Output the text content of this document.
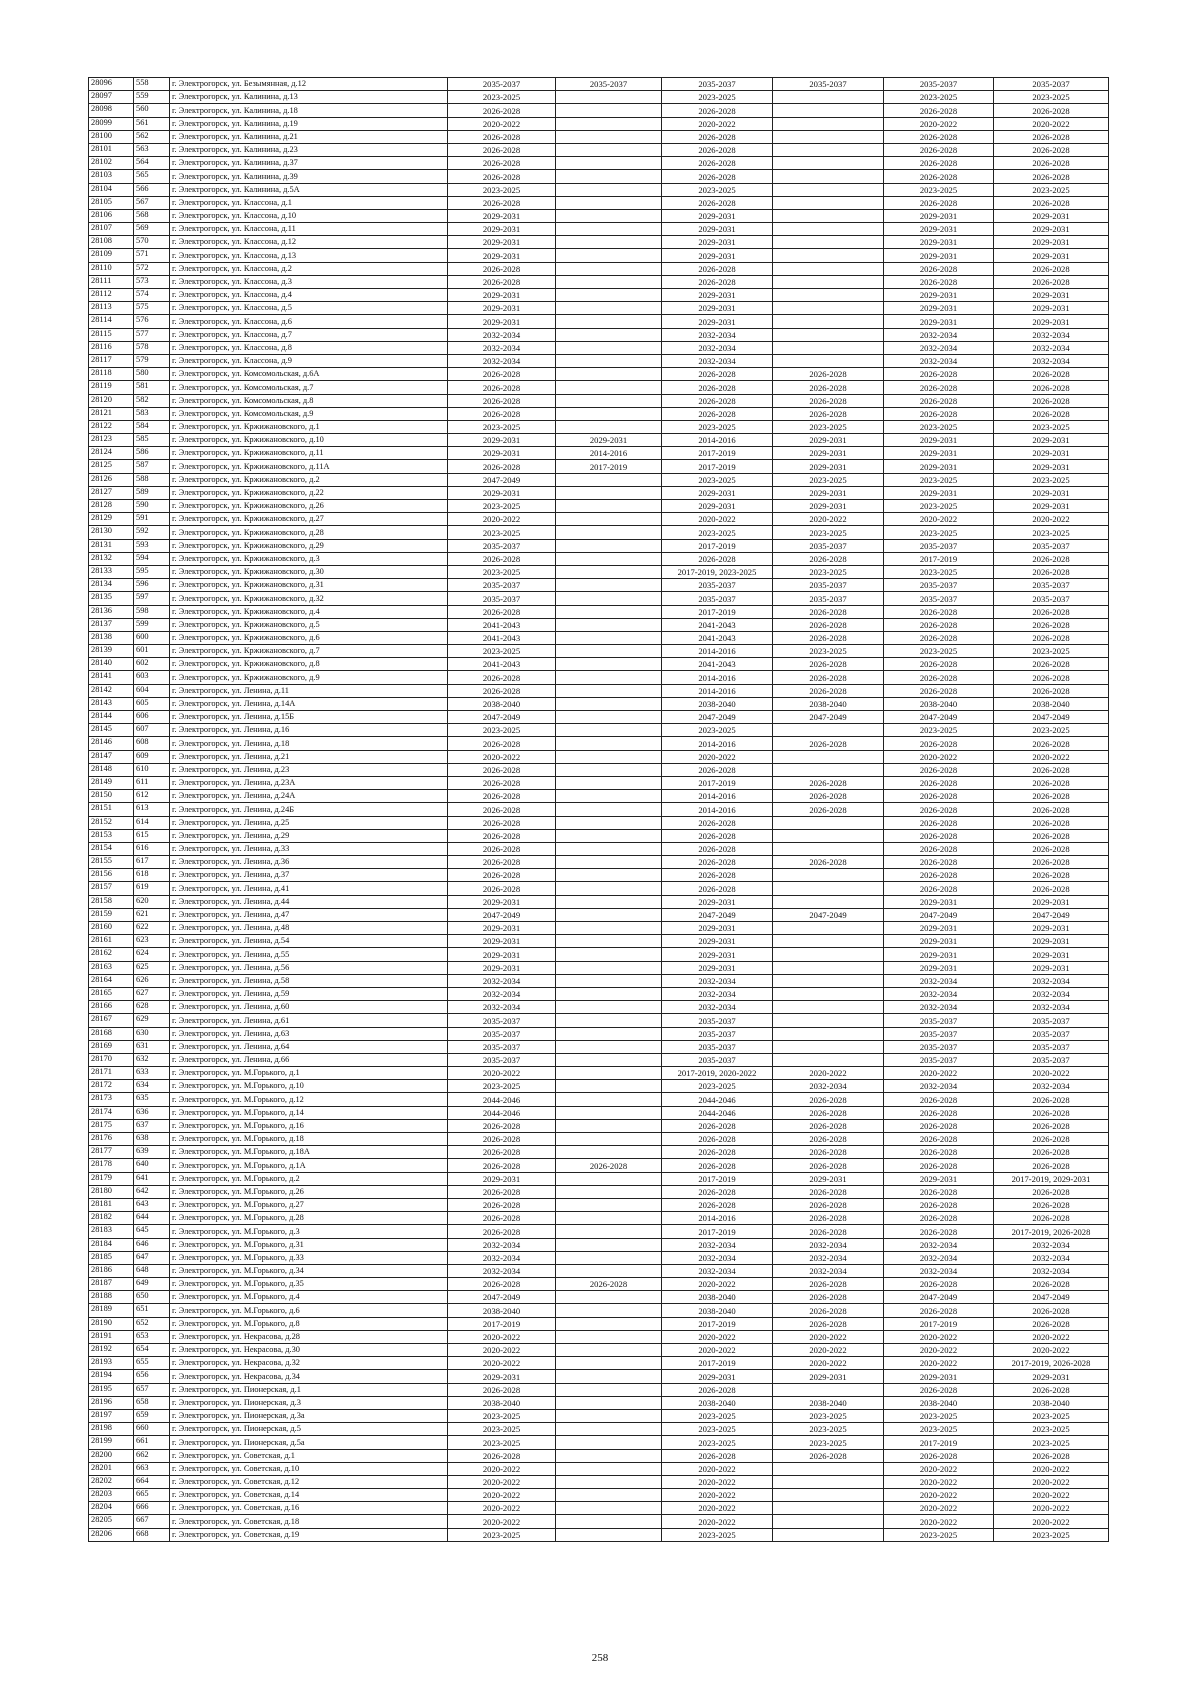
28096	558	г. Электрогорск, ул. Безымянная, д.12	2035-2037	2035-2037	2035-2037	2035-2037	2035-2037	2035-2037
28097	559	г. Электрогорск, ул. Калинина, д.13	2023-2025		2023-2025		2023-2025	2023-2025
28098	560	г. Электрогорск, ул. Калинина, д.18	2026-2028		2026-2028		2026-2028	2026-2028
28099	561	г. Электрогорск, ул. Калинина, д.19	2020-2022		2020-2022		2020-2022	2020-2022
28100	562	г. Электрогорск, ул. Калинина, д.21	2026-2028		2026-2028		2026-2028	2026-2028
28101	563	г. Электрогорск, ул. Калинина, д.23	2026-2028		2026-2028		2026-2028	2026-2028
28102	564	г. Электрогорск, ул. Калинина, д.37	2026-2028		2026-2028		2026-2028	2026-2028
28103	565	г. Электрогорск, ул. Калинина, д.39	2026-2028		2026-2028		2026-2028	2026-2028
28104	566	г. Электрогорск, ул. Калинина, д.5А	2023-2025		2023-2025		2023-2025	2023-2025
28105	567	г. Электрогорск, ул. Классона, д.1	2026-2028		2026-2028		2026-2028	2026-2028
28106	568	г. Электрогорск, ул. Классона, д.10	2029-2031		2029-2031		2029-2031	2029-2031
28107	569	г. Электрогорск, ул. Классона, д.11	2029-2031		2029-2031		2029-2031	2029-2031
28108	570	г. Электрогорск, ул. Классона, д.12	2029-2031		2029-2031		2029-2031	2029-2031
28109	571	г. Электрогорск, ул. Классона, д.13	2029-2031		2029-2031		2029-2031	2029-2031
28110	572	г. Электрогорск, ул. Классона, д.2	2026-2028		2026-2028		2026-2028	2026-2028
28111	573	г. Электрогорск, ул. Классона, д.3	2026-2028		2026-2028		2026-2028	2026-2028
28112	574	г. Электрогорск, ул. Классона, д.4	2029-2031		2029-2031		2029-2031	2029-2031
28113	575	г. Электрогорск, ул. Классона, д.5	2029-2031		2029-2031		2029-2031	2029-2031
28114	576	г. Электрогорск, ул. Классона, д.6	2029-2031		2029-2031		2029-2031	2029-2031
28115	577	г. Электрогорск, ул. Классона, д.7	2032-2034		2032-2034		2032-2034	2032-2034
28116	578	г. Электрогорск, ул. Классона, д.8	2032-2034		2032-2034		2032-2034	2032-2034
28117	579	г. Электрогорск, ул. Классона, д.9	2032-2034		2032-2034		2032-2034	2032-2034
28118	580	г. Электрогорск, ул. Комсомольская, д.6А	2026-2028		2026-2028	2026-2028	2026-2028	2026-2028
28119	581	г. Электрогорск, ул. Комсомольская, д.7	2026-2028		2026-2028	2026-2028	2026-2028	2026-2028
28120	582	г. Электрогорск, ул. Комсомольская, д.8	2026-2028		2026-2028	2026-2028	2026-2028	2026-2028
28121	583	г. Электрогорск, ул. Комсомольская, д.9	2026-2028		2026-2028	2026-2028	2026-2028	2026-2028
28122	584	г. Электрогорск, ул. Кржижановского, д.1	2023-2025		2023-2025	2023-2025	2023-2025	2023-2025
28123	585	г. Электрогорск, ул. Кржижановского, д.10	2029-2031	2029-2031	2014-2016	2029-2031	2029-2031	2029-2031
28124	586	г. Электрогорск, ул. Кржижановского, д.11	2029-2031	2014-2016	2017-2019	2029-2031	2029-2031	2029-2031
28125	587	г. Электрогорск, ул. Кржижановского, д.11А	2026-2028	2017-2019	2017-2019	2029-2031	2029-2031	2029-2031
28126	588	г. Электрогорск, ул. Кржижановского, д.2	2047-2049		2023-2025	2023-2025	2023-2025	2023-2025
28127	589	г. Электрогорск, ул. Кржижановского, д.22	2029-2031		2029-2031	2029-2031	2029-2031	2029-2031
28128	590	г. Электрогорск, ул. Кржижановского, д.26	2023-2025		2029-2031	2029-2031	2023-2025	2029-2031
28129	591	г. Электрогорск, ул. Кржижановского, д.27	2020-2022		2020-2022	2020-2022	2020-2022	2020-2022
28130	592	г. Электрогорск, ул. Кржижановского, д.28	2023-2025		2023-2025	2023-2025	2023-2025	2023-2025
28131	593	г. Электрогорск, ул. Кржижановского, д.29	2035-2037		2017-2019	2035-2037	2035-2037	2035-2037
28132	594	г. Электрогорск, ул. Кржижановского, д.3	2026-2028		2026-2028	2026-2028	2017-2019	2026-2028
28133	595	г. Электрогорск, ул. Кржижановского, д.30	2023-2025		2017-2019, 2023-2025	2023-2025	2023-2025	2026-2028
28134	596	г. Электрогорск, ул. Кржижановского, д.31	2035-2037		2035-2037	2035-2037	2035-2037	2035-2037
28135	597	г. Электрогорск, ул. Кржижановского, д.32	2035-2037		2035-2037	2035-2037	2035-2037	2035-2037
28136	598	г. Электрогорск, ул. Кржижановского, д.4	2026-2028		2017-2019	2026-2028	2026-2028	2026-2028
28137	599	г. Электрогорск, ул. Кржижановского, д.5	2041-2043		2041-2043	2026-2028	2026-2028	2026-2028
28138	600	г. Электрогорск, ул. Кржижановского, д.6	2041-2043		2041-2043	2026-2028	2026-2028	2026-2028
28139	601	г. Электрогорск, ул. Кржижановского, д.7	2023-2025		2014-2016	2023-2025	2023-2025	2023-2025
28140	602	г. Электрогорск, ул. Кржижановского, д.8	2041-2043		2041-2043	2026-2028	2026-2028	2026-2028
28141	603	г. Электрогорск, ул. Кржижановского, д.9	2026-2028		2014-2016	2026-2028	2026-2028	2026-2028
28142	604	г. Электрогорск, ул. Ленина, д.11	2026-2028		2014-2016	2026-2028	2026-2028	2026-2028
28143	605	г. Электрогорск, ул. Ленина, д.14А	2038-2040		2038-2040	2038-2040	2038-2040	2038-2040
28144	606	г. Электрогорск, ул. Ленина, д.15Б	2047-2049		2047-2049	2047-2049	2047-2049	2047-2049
28145	607	г. Электрогорск, ул. Ленина, д.16	2023-2025		2023-2025		2023-2025	2023-2025
28146	608	г. Электрогорск, ул. Ленина, д.18	2026-2028		2014-2016	2026-2028	2026-2028	2026-2028
28147	609	г. Электрогорск, ул. Ленина, д.21	2020-2022		2020-2022		2020-2022	2020-2022
28148	610	г. Электрогорск, ул. Ленина, д.23	2026-2028		2026-2028		2026-2028	2026-2028
28149	611	г. Электрогорск, ул. Ленина, д.23А	2026-2028		2017-2019	2026-2028	2026-2028	2026-2028
28150	612	г. Электрогорск, ул. Ленина, д.24А	2026-2028		2014-2016	2026-2028	2026-2028	2026-2028
28151	613	г. Электрогорск, ул. Ленина, д.24Б	2026-2028		2014-2016	2026-2028	2026-2028	2026-2028
28152	614	г. Электрогорск, ул. Ленина, д.25	2026-2028		2026-2028		2026-2028	2026-2028
28153	615	г. Электрогорск, ул. Ленина, д.29	2026-2028		2026-2028		2026-2028	2026-2028
28154	616	г. Электрогорск, ул. Ленина, д.33	2026-2028		2026-2028		2026-2028	2026-2028
28155	617	г. Электрогорск, ул. Ленина, д.36	2026-2028		2026-2028	2026-2028	2026-2028	2026-2028
28156	618	г. Электрогорск, ул. Ленина, д.37	2026-2028		2026-2028		2026-2028	2026-2028
28157	619	г. Электрогорск, ул. Ленина, д.41	2026-2028		2026-2028		2026-2028	2026-2028
28158	620	г. Электрогорск, ул. Ленина, д.44	2029-2031		2029-2031		2029-2031	2029-2031
28159	621	г. Электрогорск, ул. Ленина, д.47	2047-2049		2047-2049	2047-2049	2047-2049	2047-2049
28160	622	г. Электрогорск, ул. Ленина, д.48	2029-2031		2029-2031		2029-2031	2029-2031
28161	623	г. Электрогорск, ул. Ленина, д.54	2029-2031		2029-2031		2029-2031	2029-2031
28162	624	г. Электрогорск, ул. Ленина, д.55	2029-2031		2029-2031		2029-2031	2029-2031
28163	625	г. Электрогорск, ул. Ленина, д.56	2029-2031		2029-2031		2029-2031	2029-2031
28164	626	г. Электрогорск, ул. Ленина, д.58	2032-2034		2032-2034		2032-2034	2032-2034
28165	627	г. Электрогорск, ул. Ленина, д.59	2032-2034		2032-2034		2032-2034	2032-2034
28166	628	г. Электрогорск, ул. Ленина, д.60	2032-2034		2032-2034		2032-2034	2032-2034
28167	629	г. Электрогорск, ул. Ленина, д.61	2035-2037		2035-2037		2035-2037	2035-2037
28168	630	г. Электрогорск, ул. Ленина, д.63	2035-2037		2035-2037		2035-2037	2035-2037
28169	631	г. Электрогорск, ул. Ленина, д.64	2035-2037		2035-2037		2035-2037	2035-2037
28170	632	г. Электрогорск, ул. Ленина, д.66	2035-2037		2035-2037		2035-2037	2035-2037
28171	633	г. Электрогорск, ул. М.Горького, д.1	2020-2022		2017-2019, 2020-2022	2020-2022	2020-2022	2020-2022
28172	634	г. Электрогорск, ул. М.Горького, д.10	2023-2025		2023-2025	2032-2034	2032-2034	2032-2034
28173	635	г. Электрогорск, ул. М.Горького, д.12	2044-2046		2044-2046	2026-2028	2026-2028	2026-2028
28174	636	г. Электрогорск, ул. М.Горького, д.14	2044-2046		2044-2046	2026-2028	2026-2028	2026-2028
28175	637	г. Электрогорск, ул. М.Горького, д.16	2026-2028		2026-2028	2026-2028	2026-2028	2026-2028
28176	638	г. Электрогорск, ул. М.Горького, д.18	2026-2028		2026-2028	2026-2028	2026-2028	2026-2028
28177	639	г. Электрогорск, ул. М.Горького, д.18А	2026-2028		2026-2028	2026-2028	2026-2028	2026-2028
28178	640	г. Электрогорск, ул. М.Горького, д.1А	2026-2028	2026-2028	2026-2028	2026-2028	2026-2028	2026-2028
28179	641	г. Электрогорск, ул. М.Горького, д.2	2029-2031		2017-2019	2029-2031	2029-2031	2017-2019, 2029-2031
28180	642	г. Электрогорск, ул. М.Горького, д.26	2026-2028		2026-2028	2026-2028	2026-2028	2026-2028
28181	643	г. Электрогорск, ул. М.Горького, д.27	2026-2028		2026-2028	2026-2028	2026-2028	2026-2028
28182	644	г. Электрогорск, ул. М.Горького, д.28	2026-2028		2014-2016	2026-2028	2026-2028	2026-2028
28183	645	г. Электрогорск, ул. М.Горького, д.3	2026-2028		2017-2019	2026-2028	2026-2028	2017-2019, 2026-2028
28184	646	г. Электрогорск, ул. М.Горького, д.31	2032-2034		2032-2034	2032-2034	2032-2034	2032-2034
28185	647	г. Электрогорск, ул. М.Горького, д.33	2032-2034		2032-2034	2032-2034	2032-2034	2032-2034
28186	648	г. Электрогорск, ул. М.Горького, д.34	2032-2034		2032-2034	2032-2034	2032-2034	2032-2034
28187	649	г. Электрогорск, ул. М.Горького, д.35	2026-2028	2026-2028	2020-2022	2026-2028	2026-2028	2026-2028
28188	650	г. Электрогорск, ул. М.Горького, д.4	2047-2049		2038-2040	2026-2028	2047-2049	2047-2049
28189	651	г. Электрогорск, ул. М.Горького, д.6	2038-2040		2038-2040	2026-2028	2026-2028	2026-2028
28190	652	г. Электрогорск, ул. М.Горького, д.8	2017-2019		2017-2019	2026-2028	2017-2019	2026-2028
28191	653	г. Электрогорск, ул. Некрасова, д.28	2020-2022		2020-2022	2020-2022	2020-2022	2020-2022
28192	654	г. Электрогорск, ул. Некрасова, д.30	2020-2022		2020-2022	2020-2022	2020-2022	2020-2022
28193	655	г. Электрогорск, ул. Некрасова, д.32	2020-2022		2017-2019	2020-2022	2020-2022	2017-2019, 2026-2028
28194	656	г. Электрогорск, ул. Некрасова, д.34	2029-2031		2029-2031	2029-2031	2029-2031	2029-2031
28195	657	г. Электрогорск, ул. Пионерская, д.1	2026-2028		2026-2028		2026-2028	2026-2028
28196	658	г. Электрогорск, ул. Пионерская, д.3	2038-2040		2038-2040	2038-2040	2038-2040	2038-2040
28197	659	г. Электрогорск, ул. Пионерская, д.3а	2023-2025		2023-2025	2023-2025	2023-2025	2023-2025
28198	660	г. Электрогорск, ул. Пионерская, д.5	2023-2025		2023-2025	2023-2025	2023-2025	2023-2025
28199	661	г. Электрогорск, ул. Пионерская, д.5а	2023-2025		2023-2025	2023-2025	2017-2019	2023-2025
28200	662	г. Электрогорск, ул. Советская, д.1	2026-2028		2026-2028	2026-2028	2026-2028	2026-2028
28201	663	г. Электрогорск, ул. Советская, д.10	2020-2022		2020-2022		2020-2022	2020-2022
28202	664	г. Электрогорск, ул. Советская, д.12	2020-2022		2020-2022		2020-2022	2020-2022
28203	665	г. Электрогорск, ул. Советская, д.14	2020-2022		2020-2022		2020-2022	2020-2022
28204	666	г. Электрогорск, ул. Советская, д.16	2020-2022		2020-2022		2020-2022	2020-2022
28205	667	г. Электрогорск, ул. Советская, д.18	2020-2022		2020-2022		2020-2022	2020-2022
28206	668	г. Электрогорск, ул. Советская, д.19	2023-2025		2023-2025		2023-2025	2023-2025
258
